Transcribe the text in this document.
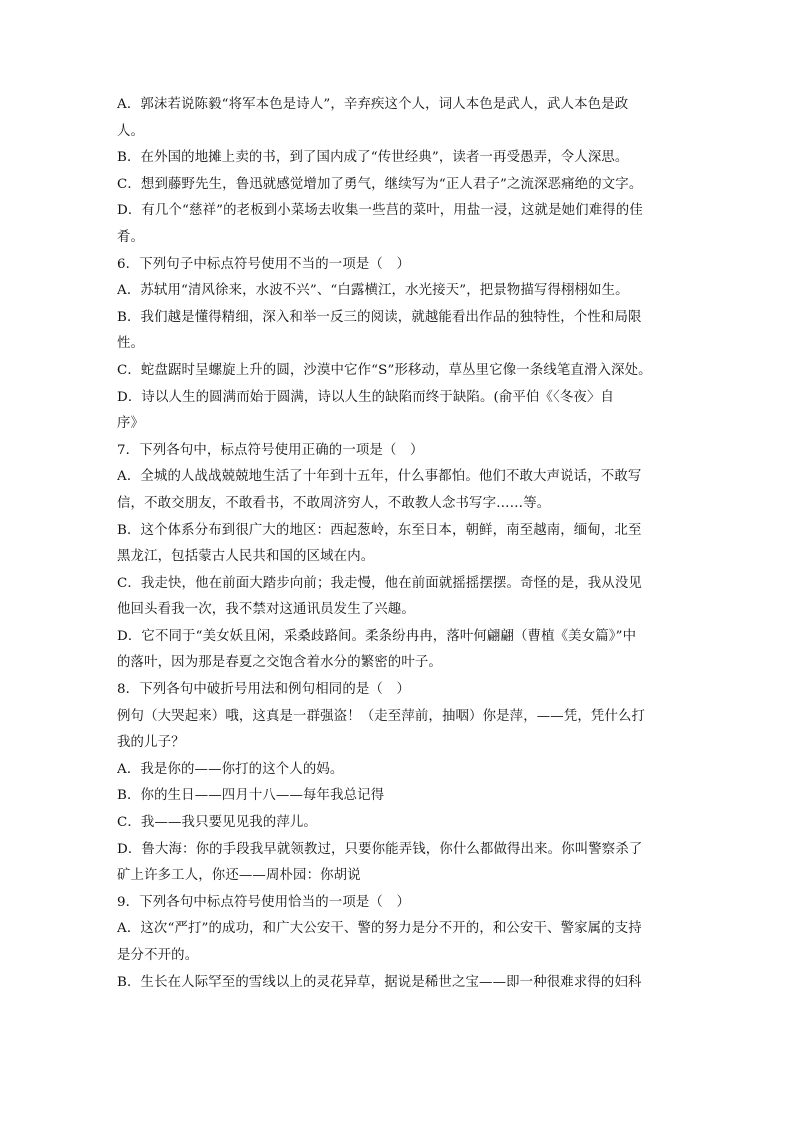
A．郭沫若说陈毅“将军本色是诗人”，辛弃疾这个人，词人本色是武人，武人本色是政
人。
B．在外国的地摊上卖的书，到了国内成了“传世经典”，读者一再受愚弄，令人深思。
C．想到藤野先生，鲁迅就感觉增加了勇气，继续写为“正人君子”之流深恶痛绝的文字。
D．有几个“慈祥”的老板到小菜场去收集一些莒的菜叶，用盐一浸，这就是她们难得的佳
肴。
6．下列句子中标点符号使用不当的一项是（　）
A．苏轼用“清风徐来，水波不兴”、“白露横江，水光接天”，把景物描写得栩栩如生。
B．我们越是懂得精细，深入和举一反三的阅读，就越能看出作品的独特性，个性和局限
性。
C．蛇盘踞时呈螺旋上升的圆，沙漠中它作“S”形移动，草丛里它像一条线笔直滑入深处。
D．诗以人生的圆满而始于圆满，诗以人生的缺陷而终于缺陷。(俞平伯《〈冬夜〉自
序》
7．下列各句中，标点符号使用正确的一项是（　）
A．全城的人战战兢兢地生活了十年到十五年，什么事都怕。他们不敢大声说话，不敢写
信，不敢交朋友，不敢看书，不敢周济穷人，不敢教人念书写字……等。
B．这个体系分布到很广大的地区：西起葱岭，东至日本，朝鲜，南至越南，缅甸，北至
黑龙江，包括蒙古人民共和国的区域在内。
C．我走快，他在前面大踏步向前；我走慢，他在前面就摇摇摆摆。奇怪的是，我从没见
他回头看我一次，我不禁对这通讯员发生了兴趣。
D．它不同于“美女妖且闲，采桑歧路间。柔条纷冉冉，落叶何翩翩（曹植《美女篇》”中
的落叶，因为那是春夏之交饱含着水分的繁密的叶子。
8．下列各句中破折号用法和例句相同的是（　）
例句（大哭起来）哦，这真是一群强盗！（走至萍前，抽咽）你是萍，——凭，凭什么打
我的儿子？
A．我是你的——你打的这个人的妈。
B．你的生日——四月十八——每年我总记得
C．我——我只要见见我的萍儿。
D．鲁大海：你的手段我早就领教过，只要你能弄钱，你什么都做得出来。你叫警察杀了
矿上许多工人，你还——周朴园：你胡说
9．下列各句中标点符号使用恰当的一项是（　）
A．这次“严打”的成功，和广大公安干、警的努力是分不开的，和公安干、警家属的支持
是分不开的。
B．生长在人际罕至的雪线以上的灵花异草，据说是稀世之宝——即一种很难求得的妇科
